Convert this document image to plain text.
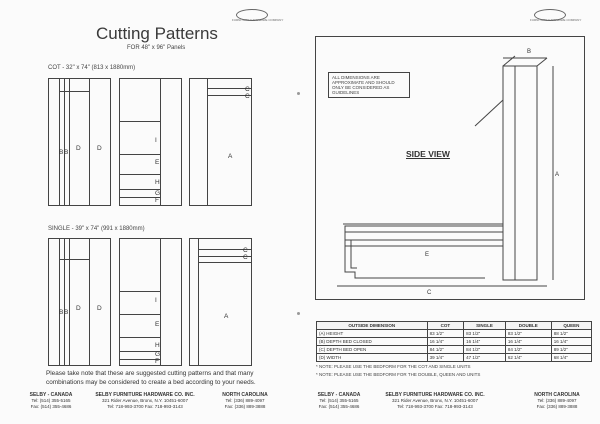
FURNITURE HARDWARE COMPANY
Cutting Patterns
FOR 48" x 96" Panels
COT - 32" x 74" (813 x 1880mm)
B B
D	D
I
E
H
G
F
C
C
A
SINGLE - 39" x 74" (991 x 1880mm)
B B
D	D
I
E
H
G
F
C
C
A
Please take note that these are suggested cutting patterns and that many
combinations may be considered to create a bed according to your needs.
SELBY - CANADA
Tel: (514) 355-5165
Fax: (514) 355-4686
SELBY FURNITURE HARDWARE CO. INC.
321 Rider Avenue, Bronx, N.Y. 10451-6007
Tel: 718-993-3700 Fax: 718-993-3143
NORTH CAROLINA
Tel: (336) 889-4097
Fax: (336) 889-3888
FURNITURE HARDWARE COMPANY
ALL DIMENSIONS ARE
APPROXIMATE AND SHOULD
ONLY BE CONSIDERED AS
GUIDELINES
SIDE VIEW
B
A
E
C
OUTSIDE DIMENSION	COT	SINGLE	DOUBLE	QUEEN
(A) HEIGHT	83 1/2"	83 1/2"	83 1/2"	88 1/2"
(B) DEPTH BED CLOSED	16 1/4"	16 1/4"	16 1/4"	16 1/4"
(C) DEPTH BED OPEN	84 1/2"	84 1/2"	84 1/2"	89 1/2"
(D) WIDTH	39 1/4"	47 1/2"	62 1/4"	68 1/4"
* NOTE: PLEASE USE THE BEDFORM FOR THE COT AND SINGLE UNITS
* NOTE: PLEASE USE THE BEDFORM FOR THE DOUBLE, QUEEN AND UNITS
SELBY - CANADA
Tel: (514) 355-5165
Fax: (514) 355-4686
SELBY FURNITURE HARDWARE CO. INC.
321 Rider Avenue, Bronx, N.Y. 10451-6007
Tel: 718-993-3700 Fax: 718-993-3143
NORTH CAROLINA
Tel: (336) 889-4097
Fax: (336) 889-3888
